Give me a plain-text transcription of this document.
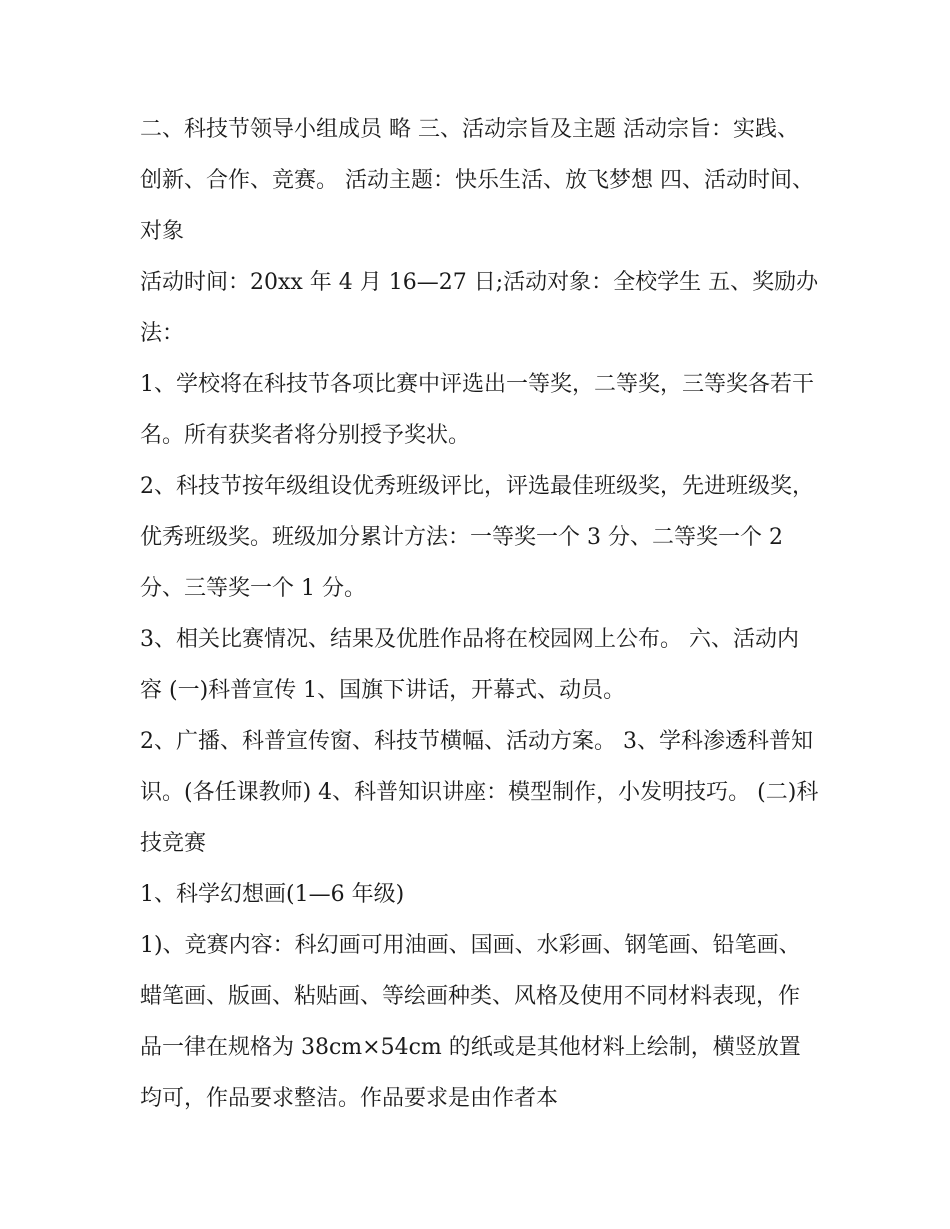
二、科技节领导小组成员 略 三、活动宗旨及主题 活动宗旨：实践、创新、合作、竞赛。 活动主题：快乐生活、放飞梦想 四、活动时间、对象

活动时间：20xx 年 4 月 16—27 日;活动对象：全校学生 五、奖励办法：

1、学校将在科技节各项比赛中评选出一等奖，二等奖，三等奖各若干名。所有获奖者将分别授予奖状。

2、科技节按年级组设优秀班级评比，评选最佳班级奖，先进班级奖，优秀班级奖。班级加分累计方法：一等奖一个 3 分、二等奖一个 2 分、三等奖一个 1 分。

3、相关比赛情况、结果及优胜作品将在校园网上公布。 六、活动内容 (一)科普宣传 1、国旗下讲话，开幕式、动员。

2、广播、科普宣传窗、科技节横幅、活动方案。 3、学科渗透科普知识。(各任课教师) 4、科普知识讲座：模型制作，小发明技巧。 (二)科技竞赛

1、科学幻想画(1—6 年级)

1)、竞赛内容：科幻画可用油画、国画、水彩画、钢笔画、铅笔画、蜡笔画、版画、粘贴画、等绘画种类、风格及使用不同材料表现，作品一律在规格为 38cm×54cm 的纸或是其他材料上绘制，横竖放置均可，作品要求整洁。作品要求是由作者本
